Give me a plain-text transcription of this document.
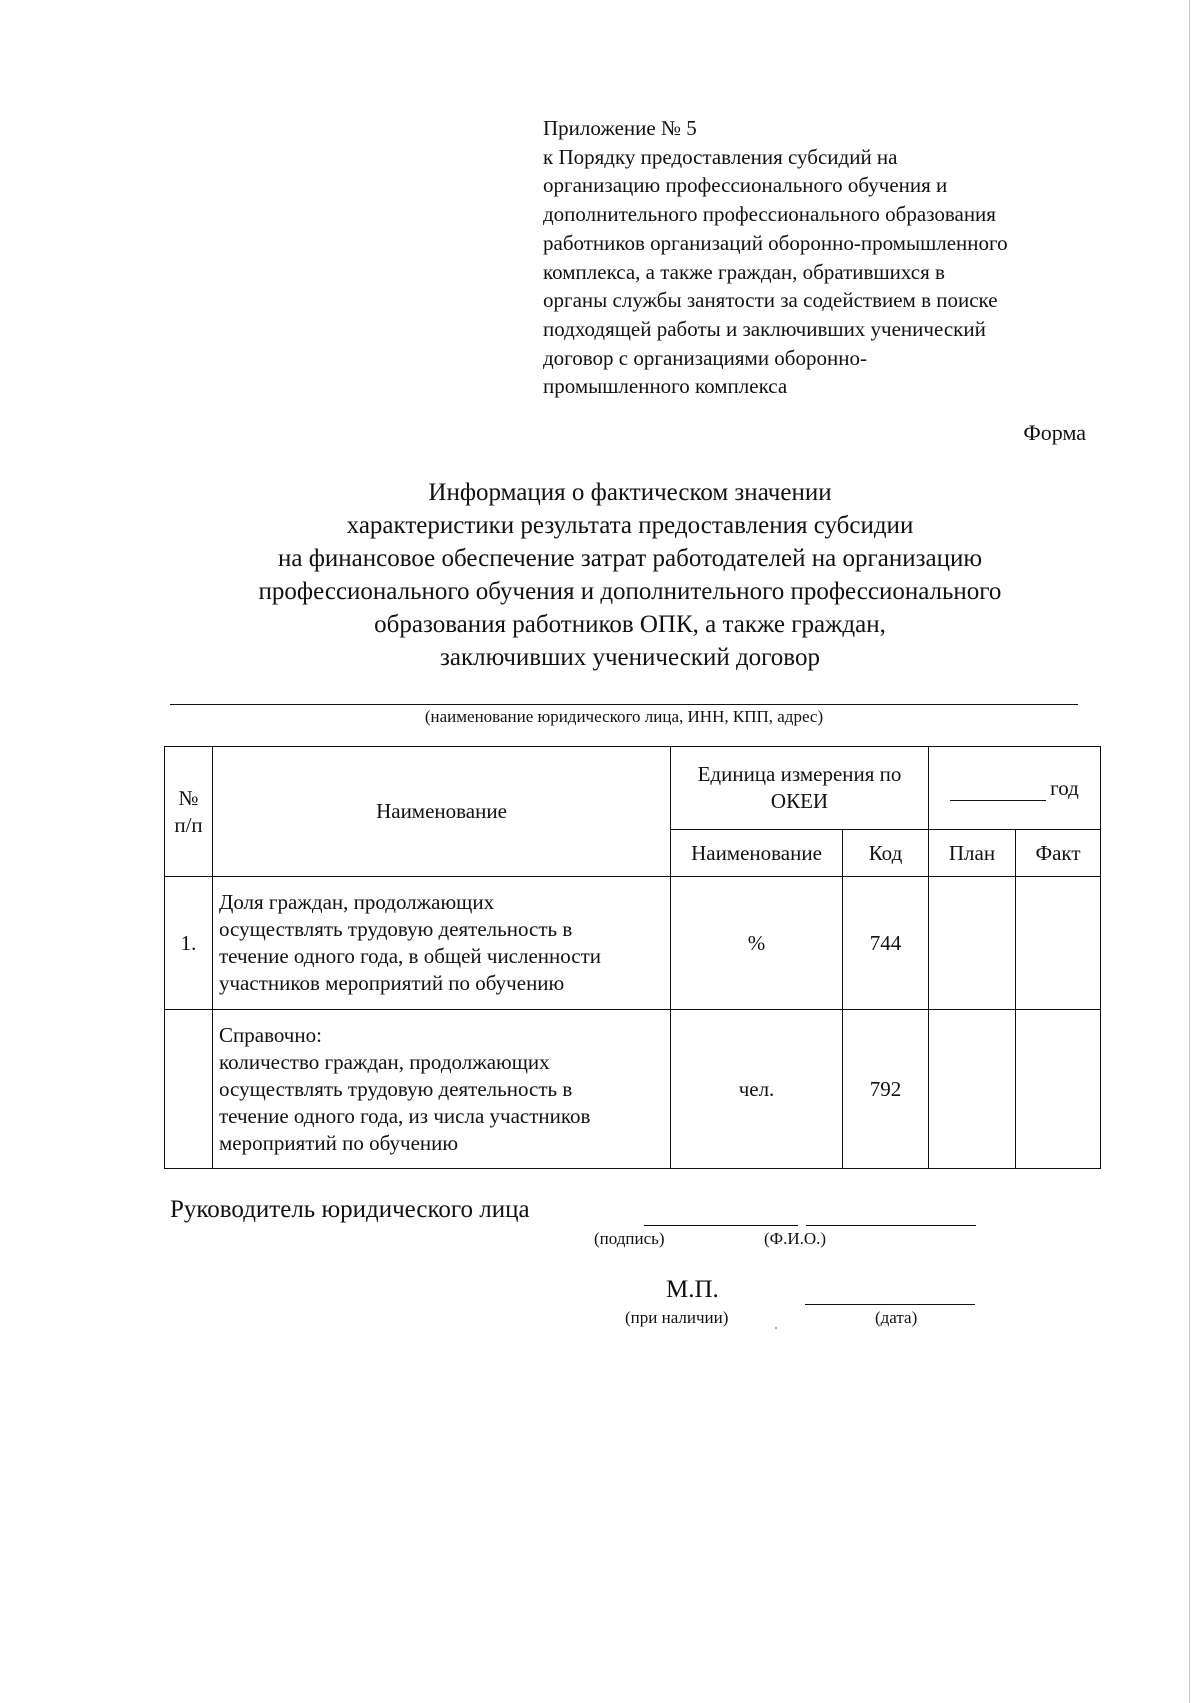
Приложение № 5
к Порядку предоставления субсидий на
организацию профессионального обучения и
дополнительного профессионального образования
работников организаций оборонно-промышленного
комплекса, а также граждан, обратившихся в
органы службы занятости за содействием в поиске
подходящей работы и заключивших ученический
договор с организациями оборонно-
промышленного комплекса
Форма
Информация о фактическом значении
характеристики результата предоставления субсидии
на финансовое обеспечение затрат работодателей на организацию
профессионального обучения и дополнительного профессионального
образования работников ОПК, а также граждан,
заключивших ученический договор
(наименование юридического лица, ИНН, КПП, адрес)
№ п/п	Наименование	Единица измерения по ОКЕИ		год	

		Наименование	Код	План	Факт
1.	Доля граждан, продолжающих
осуществлять трудовую деятельность в
течение одного года, в общей численности
участников мероприятий по обучению	%	744		

	Справочно:
количество граждан, продолжающих
осуществлять трудовую деятельность в
течение одного года, из числа участников
мероприятий по обучению	чел.	792		
Руководитель юридического лица
(подпись)	(Ф.И.О.)
М.П.
(при наличии)	(дата)
